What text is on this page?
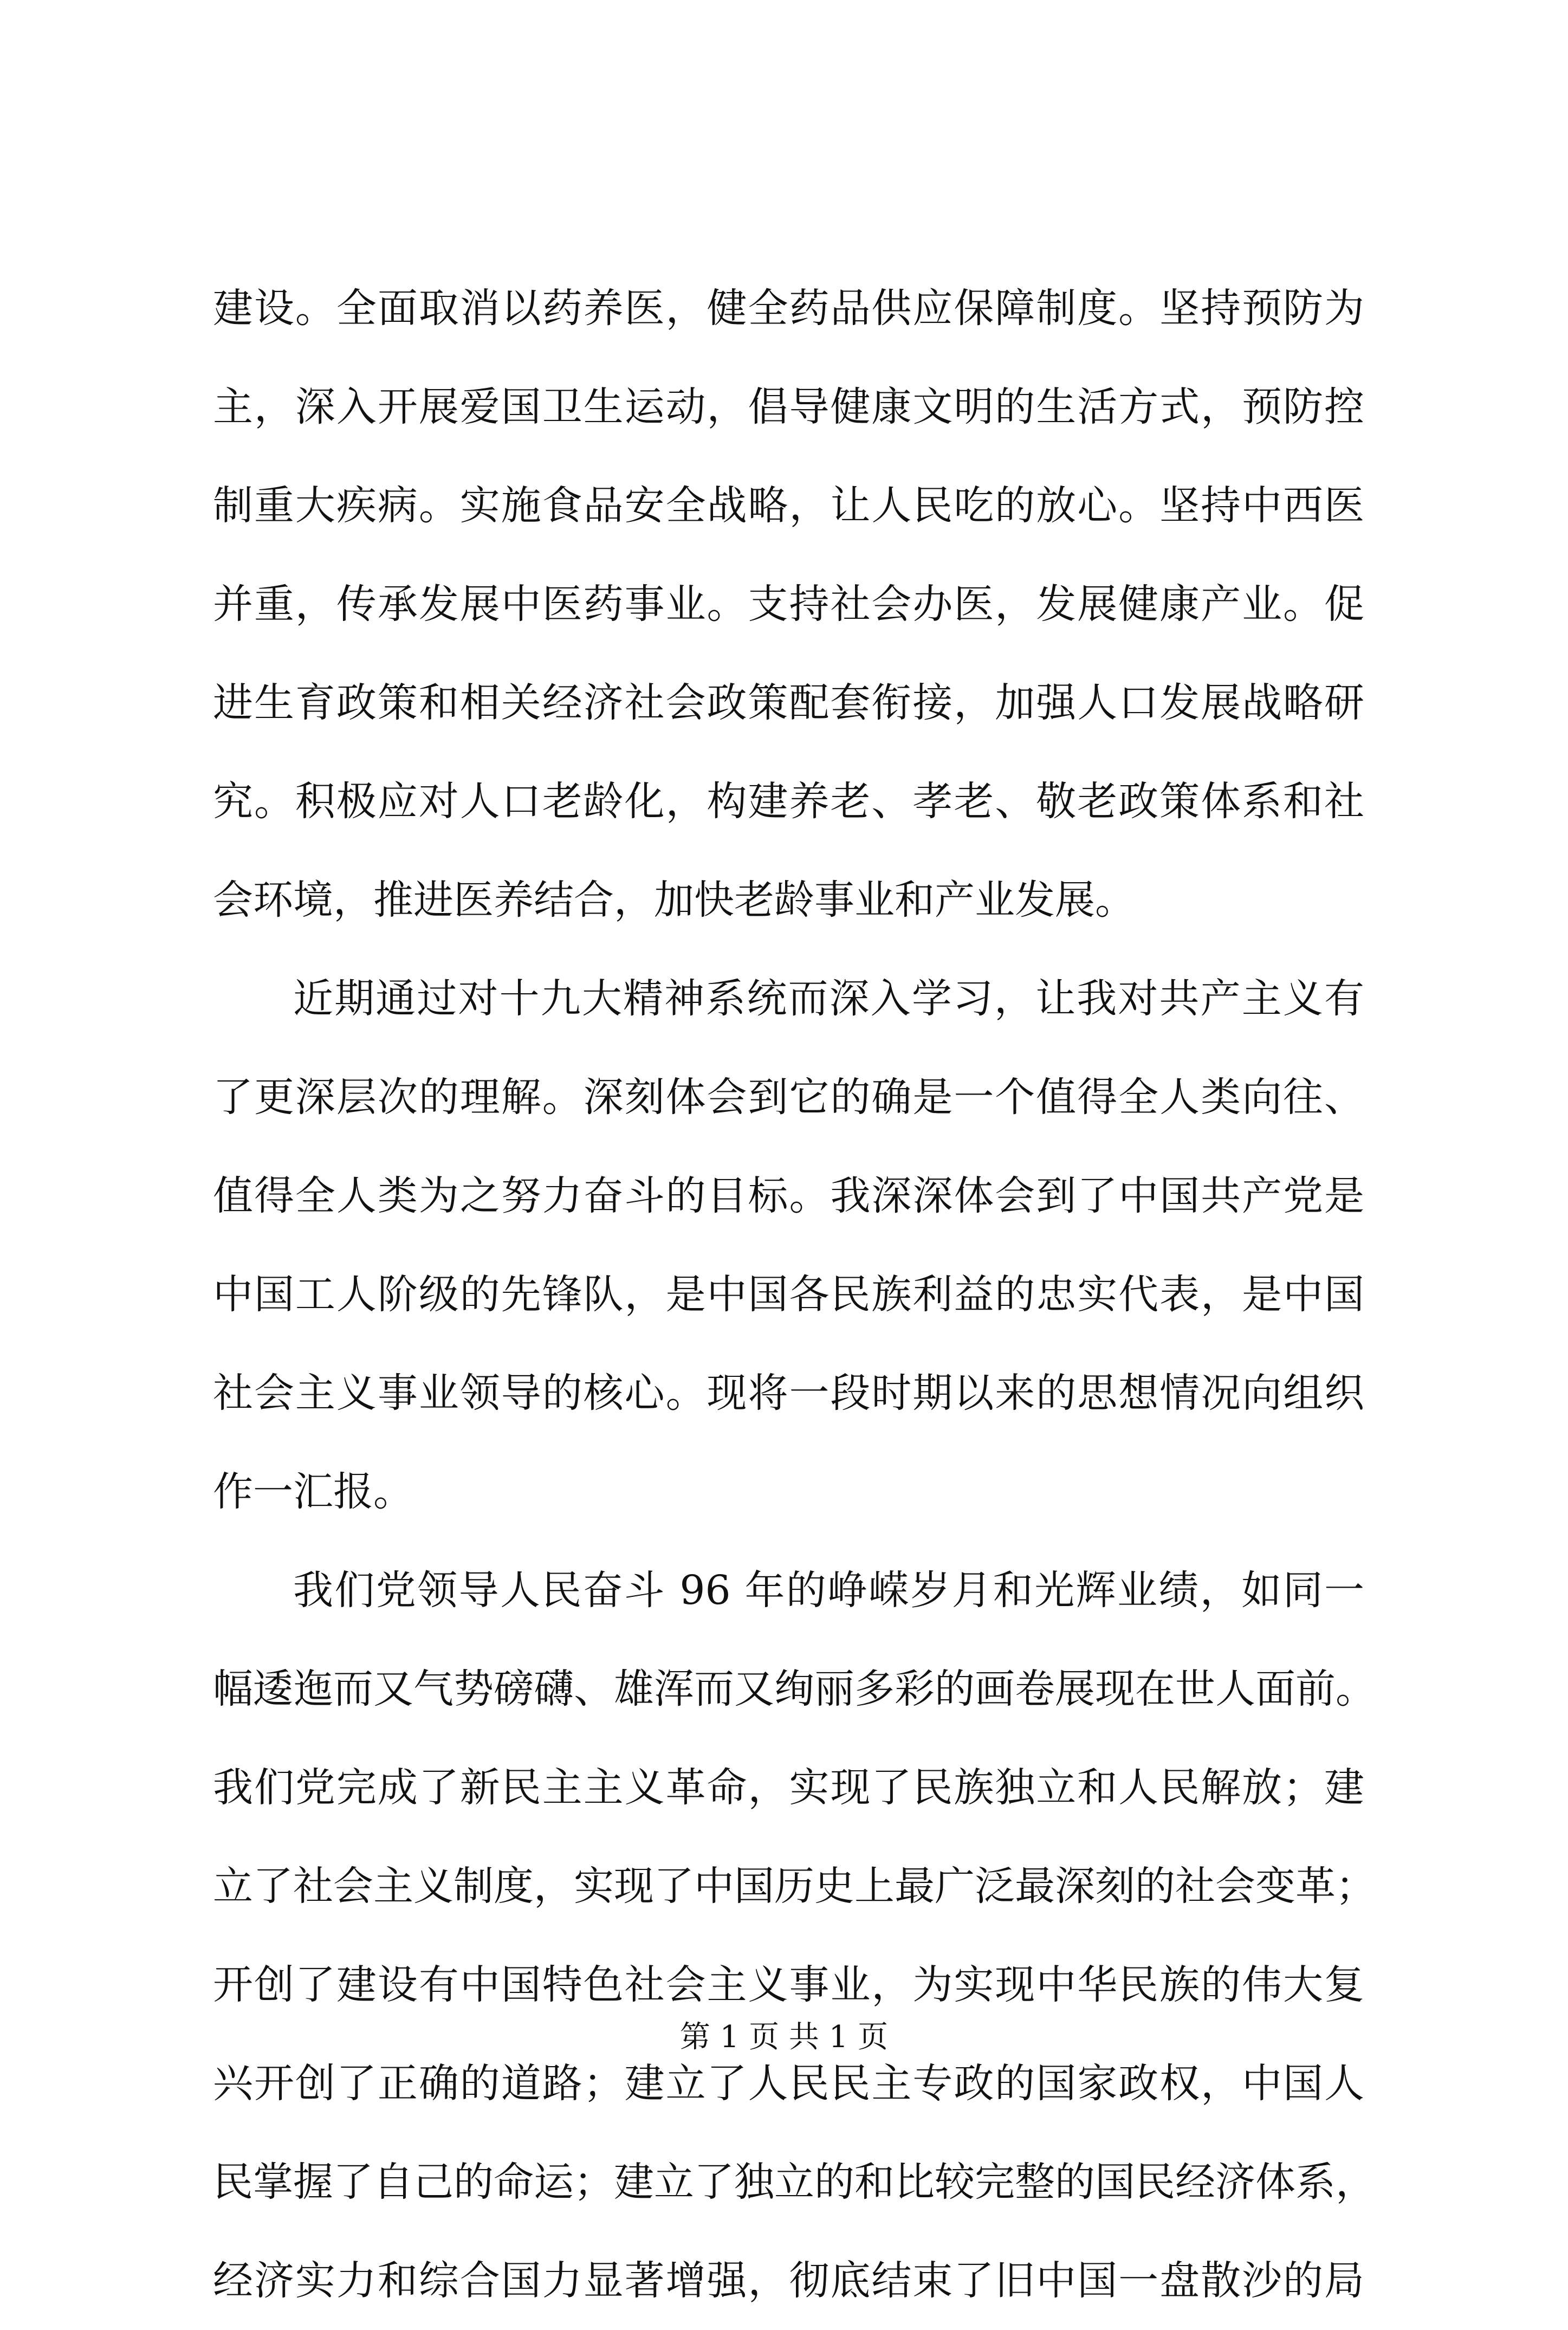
建设。全面取消以药养医，健全药品供应保障制度。坚持预防为
主，深入开展爱国卫生运动，倡导健康文明的生活方式，预防控
制重大疾病。实施食品安全战略，让人民吃的放心。坚持中西医
并重，传承发展中医药事业。支持社会办医，发展健康产业。促
进生育政策和相关经济社会政策配套衔接，加强人口发展战略研
究。积极应对人口老龄化，构建养老、孝老、敬老政策体系和社
会环境，推进医养结合，加快老龄事业和产业发展。

近期通过对十九大精神系统而深入学习，让我对共产主义有
了更深层次的理解。深刻体会到它的确是一个值得全人类向往、
值得全人类为之努力奋斗的目标。我深深体会到了中国共产党是
中国工人阶级的先锋队，是中国各民族利益的忠实代表，是中国
社会主义事业领导的核心。现将一段时期以来的思想情况向组织
作一汇报。

我们党领导人民奋斗 96 年的峥嵘岁月和光辉业绩，如同一
幅逶迤而又气势磅礴、雄浑而又绚丽多彩的画卷展现在世人面前。
我们党完成了新民主主义革命，实现了民族独立和人民解放；建
立了社会主义制度，实现了中国历史上最广泛最深刻的社会变革；
开创了建设有中国特色社会主义事业，为实现中华民族的伟大复
兴开创了正确的道路；建立了人民民主专政的国家政权，中国人
民掌握了自己的命运；建立了独立的和比较完整的国民经济体系，
经济实力和综合国力显著增强，彻底结束了旧中国一盘散沙的局

第 1 页 共 1 页
